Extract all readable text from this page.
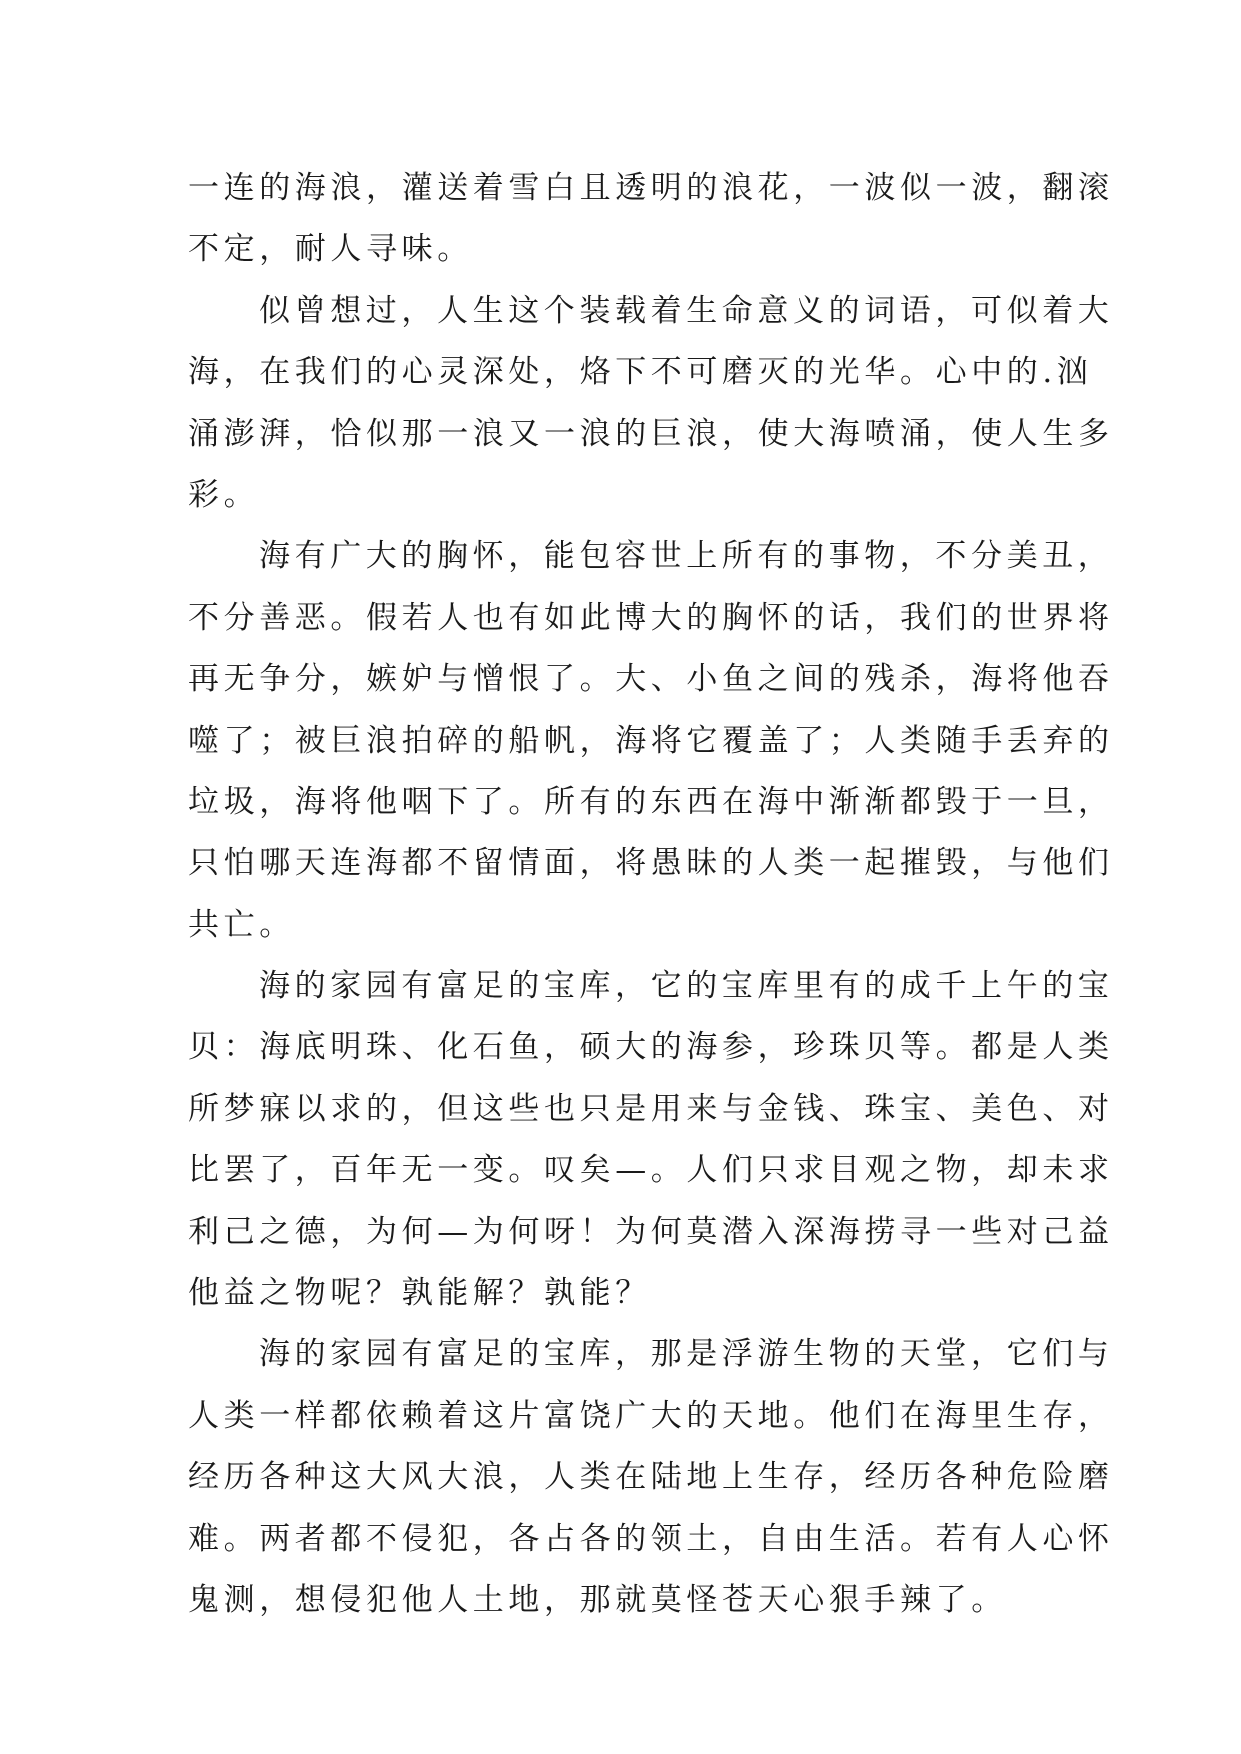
一连的海浪，灌送着雪白且透明的浪花，一波似一波，翻滚
不定，耐人寻味。
似曾想过，人生这个装载着生命意义的词语，可似着大
海，在我们的心灵深处，烙下不可磨灭的光华。心中的.汹
涌澎湃，恰似那一浪又一浪的巨浪，使大海喷涌，使人生多
彩。
海有广大的胸怀，能包容世上所有的事物，不分美丑，
不分善恶。假若人也有如此博大的胸怀的话，我们的世界将
再无争分，嫉妒与憎恨了。大、小鱼之间的残杀，海将他吞
噬了；被巨浪拍碎的船帆，海将它覆盖了；人类随手丢弃的
垃圾，海将他咽下了。所有的东西在海中渐渐都毁于一旦，
只怕哪天连海都不留情面，将愚昧的人类一起摧毁，与他们
共亡。
海的家园有富足的宝库，它的宝库里有的成千上午的宝
贝：海底明珠、化石鱼，硕大的海参，珍珠贝等。都是人类
所梦寐以求的，但这些也只是用来与金钱、珠宝、美色、对
比罢了，百年无一变。叹矣—。人们只求目观之物，却未求
利己之德，为何—为何呀！为何莫潜入深海捞寻一些对己益
他益之物呢？孰能解？孰能？
海的家园有富足的宝库，那是浮游生物的天堂，它们与
人类一样都依赖着这片富饶广大的天地。他们在海里生存，
经历各种这大风大浪，人类在陆地上生存，经历各种危险磨
难。两者都不侵犯，各占各的领土，自由生活。若有人心怀
鬼测，想侵犯他人土地，那就莫怪苍天心狠手辣了。
